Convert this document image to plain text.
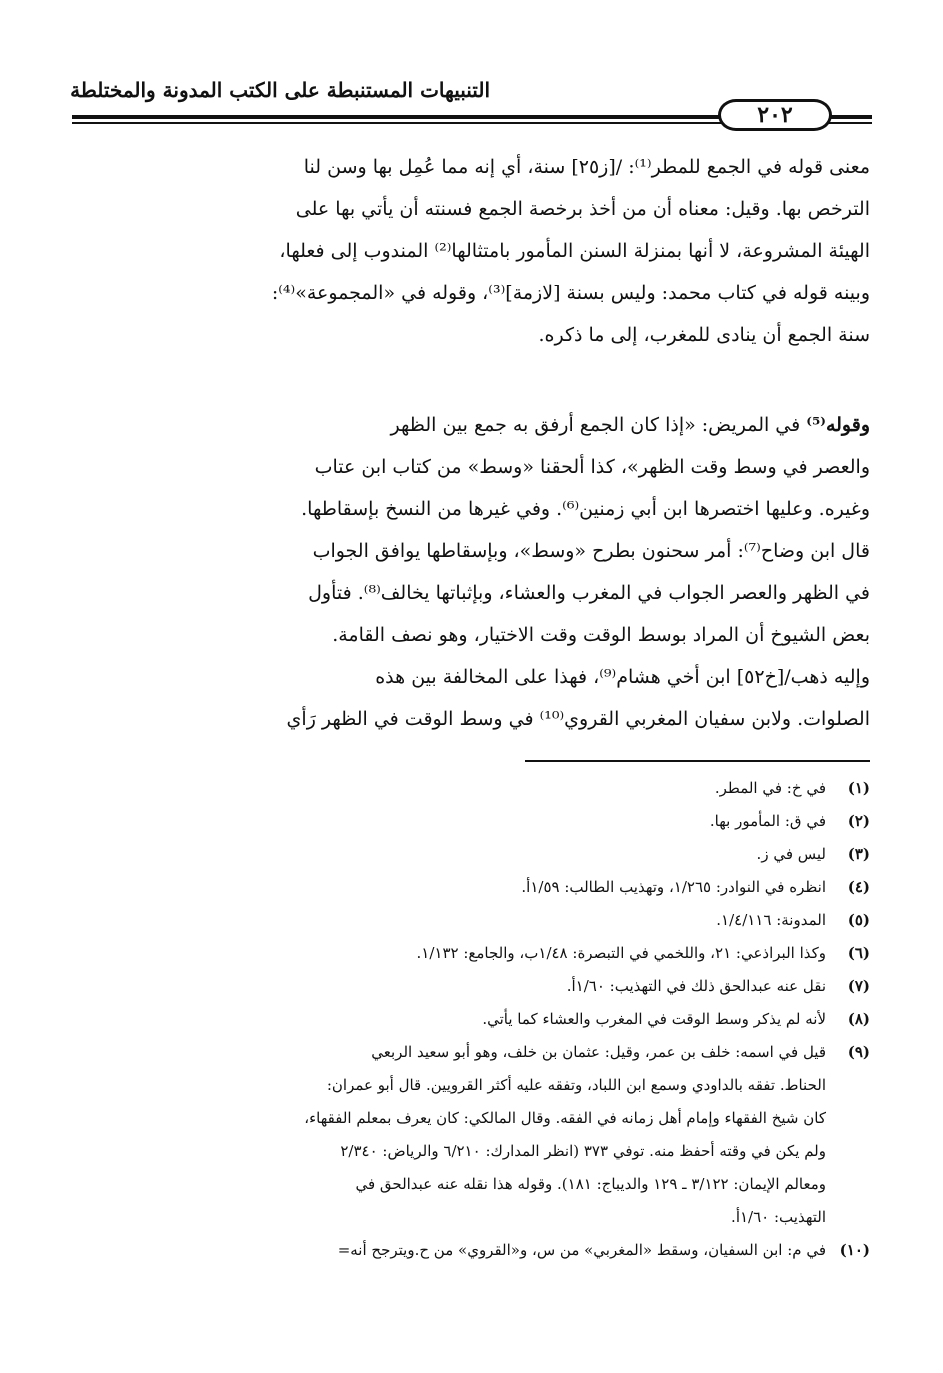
التنبيهات المستنبطة على الكتب المدونة والمختلطة
٢٠٢
معنى قوله في الجمع للمطر⁽¹⁾: /[ز٢٥] سنة، أي إنه مما عُمِل بها وسن لنا
الترخص بها. وقيل: معناه أن من أخذ برخصة الجمع فسنته أن يأتي بها على
الهيئة المشروعة، لا أنها بمنزلة السنن المأمور بامتثالها⁽²⁾ المندوب إلى فعلها،
وبينه قوله في كتاب محمد: وليس بسنة [لازمة]⁽³⁾، وقوله في «المجموعة»⁽⁴⁾:
سنة الجمع أن ينادى للمغرب، إلى ما ذكره.
وقوله⁽⁵⁾ في المريض: «إذا كان الجمع أرفق به جمع بين الظهر
والعصر في وسط وقت الظهر»، كذا ألحقنا «وسط» من كتاب ابن عتاب
وغيره. وعليها اختصرها ابن أبي زمنين⁽⁶⁾. وفي غيرها من النسخ بإسقاطها.
قال ابن وضاح⁽⁷⁾: أمر سحنون بطرح «وسط»، وبإسقاطها يوافق الجواب
في الظهر والعصر الجواب في المغرب والعشاء، وبإثباتها يخالف⁽⁸⁾. فتأول
بعض الشيوخ أن المراد بوسط الوقت وقت الاختيار، وهو نصف القامة.
وإليه ذهب/[خ٥٢] ابن أخي هشام⁽⁹⁾، فهذا على المخالفة بين هذه
الصلوات. ولابن سفيان المغربي القروي⁽¹⁰⁾ في وسط الوقت في الظهر رَأي
(١)
في خ: في المطر.
(٢)
في ق: المأمور بها.
(٣)
ليس في ز.
(٤)
انظره في النوادر: ١/٢٦٥، وتهذيب الطالب: ١/٥٩أ.
(٥)
المدونة: ١/٤/١١٦.
(٦)
وكذا البراذعي: ٢١، واللخمي في التبصرة: ١/٤٨ب، والجامع: ١/١٣٢.
(٧)
نقل عنه عبدالحق ذلك في التهذيب: ١/٦٠أ.
(٨)
لأنه لم يذكر وسط الوقت في المغرب والعشاء كما يأتي.
(٩)
قيل في اسمه: خلف بن عمر، وقيل: عثمان بن خلف، وهو أبو سعيد الربعي
الحناط. تفقه بالداودي وسمع ابن اللباد، وتفقه عليه أكثر القرويين. قال أبو عمران:
كان شيخ الفقهاء وإمام أهل زمانه في الفقه. وقال المالكي: كان يعرف بمعلم الفقهاء،
ولم يكن في وقته أحفظ منه. توفي ٣٧٣ (انظر المدارك: ٦/٢١٠ والرياض: ٢/٣٤٠
ومعالم الإيمان: ٣/١٢٢ ـ ١٢٩ والديباج: ١٨١). وقوله هذا نقله عنه عبدالحق في
التهذيب: ١/٦٠أ.
(١٠)
في م: ابن السفيان، وسقط «المغربي» من س، و«القروي» من ح.ويترجح أنه=
